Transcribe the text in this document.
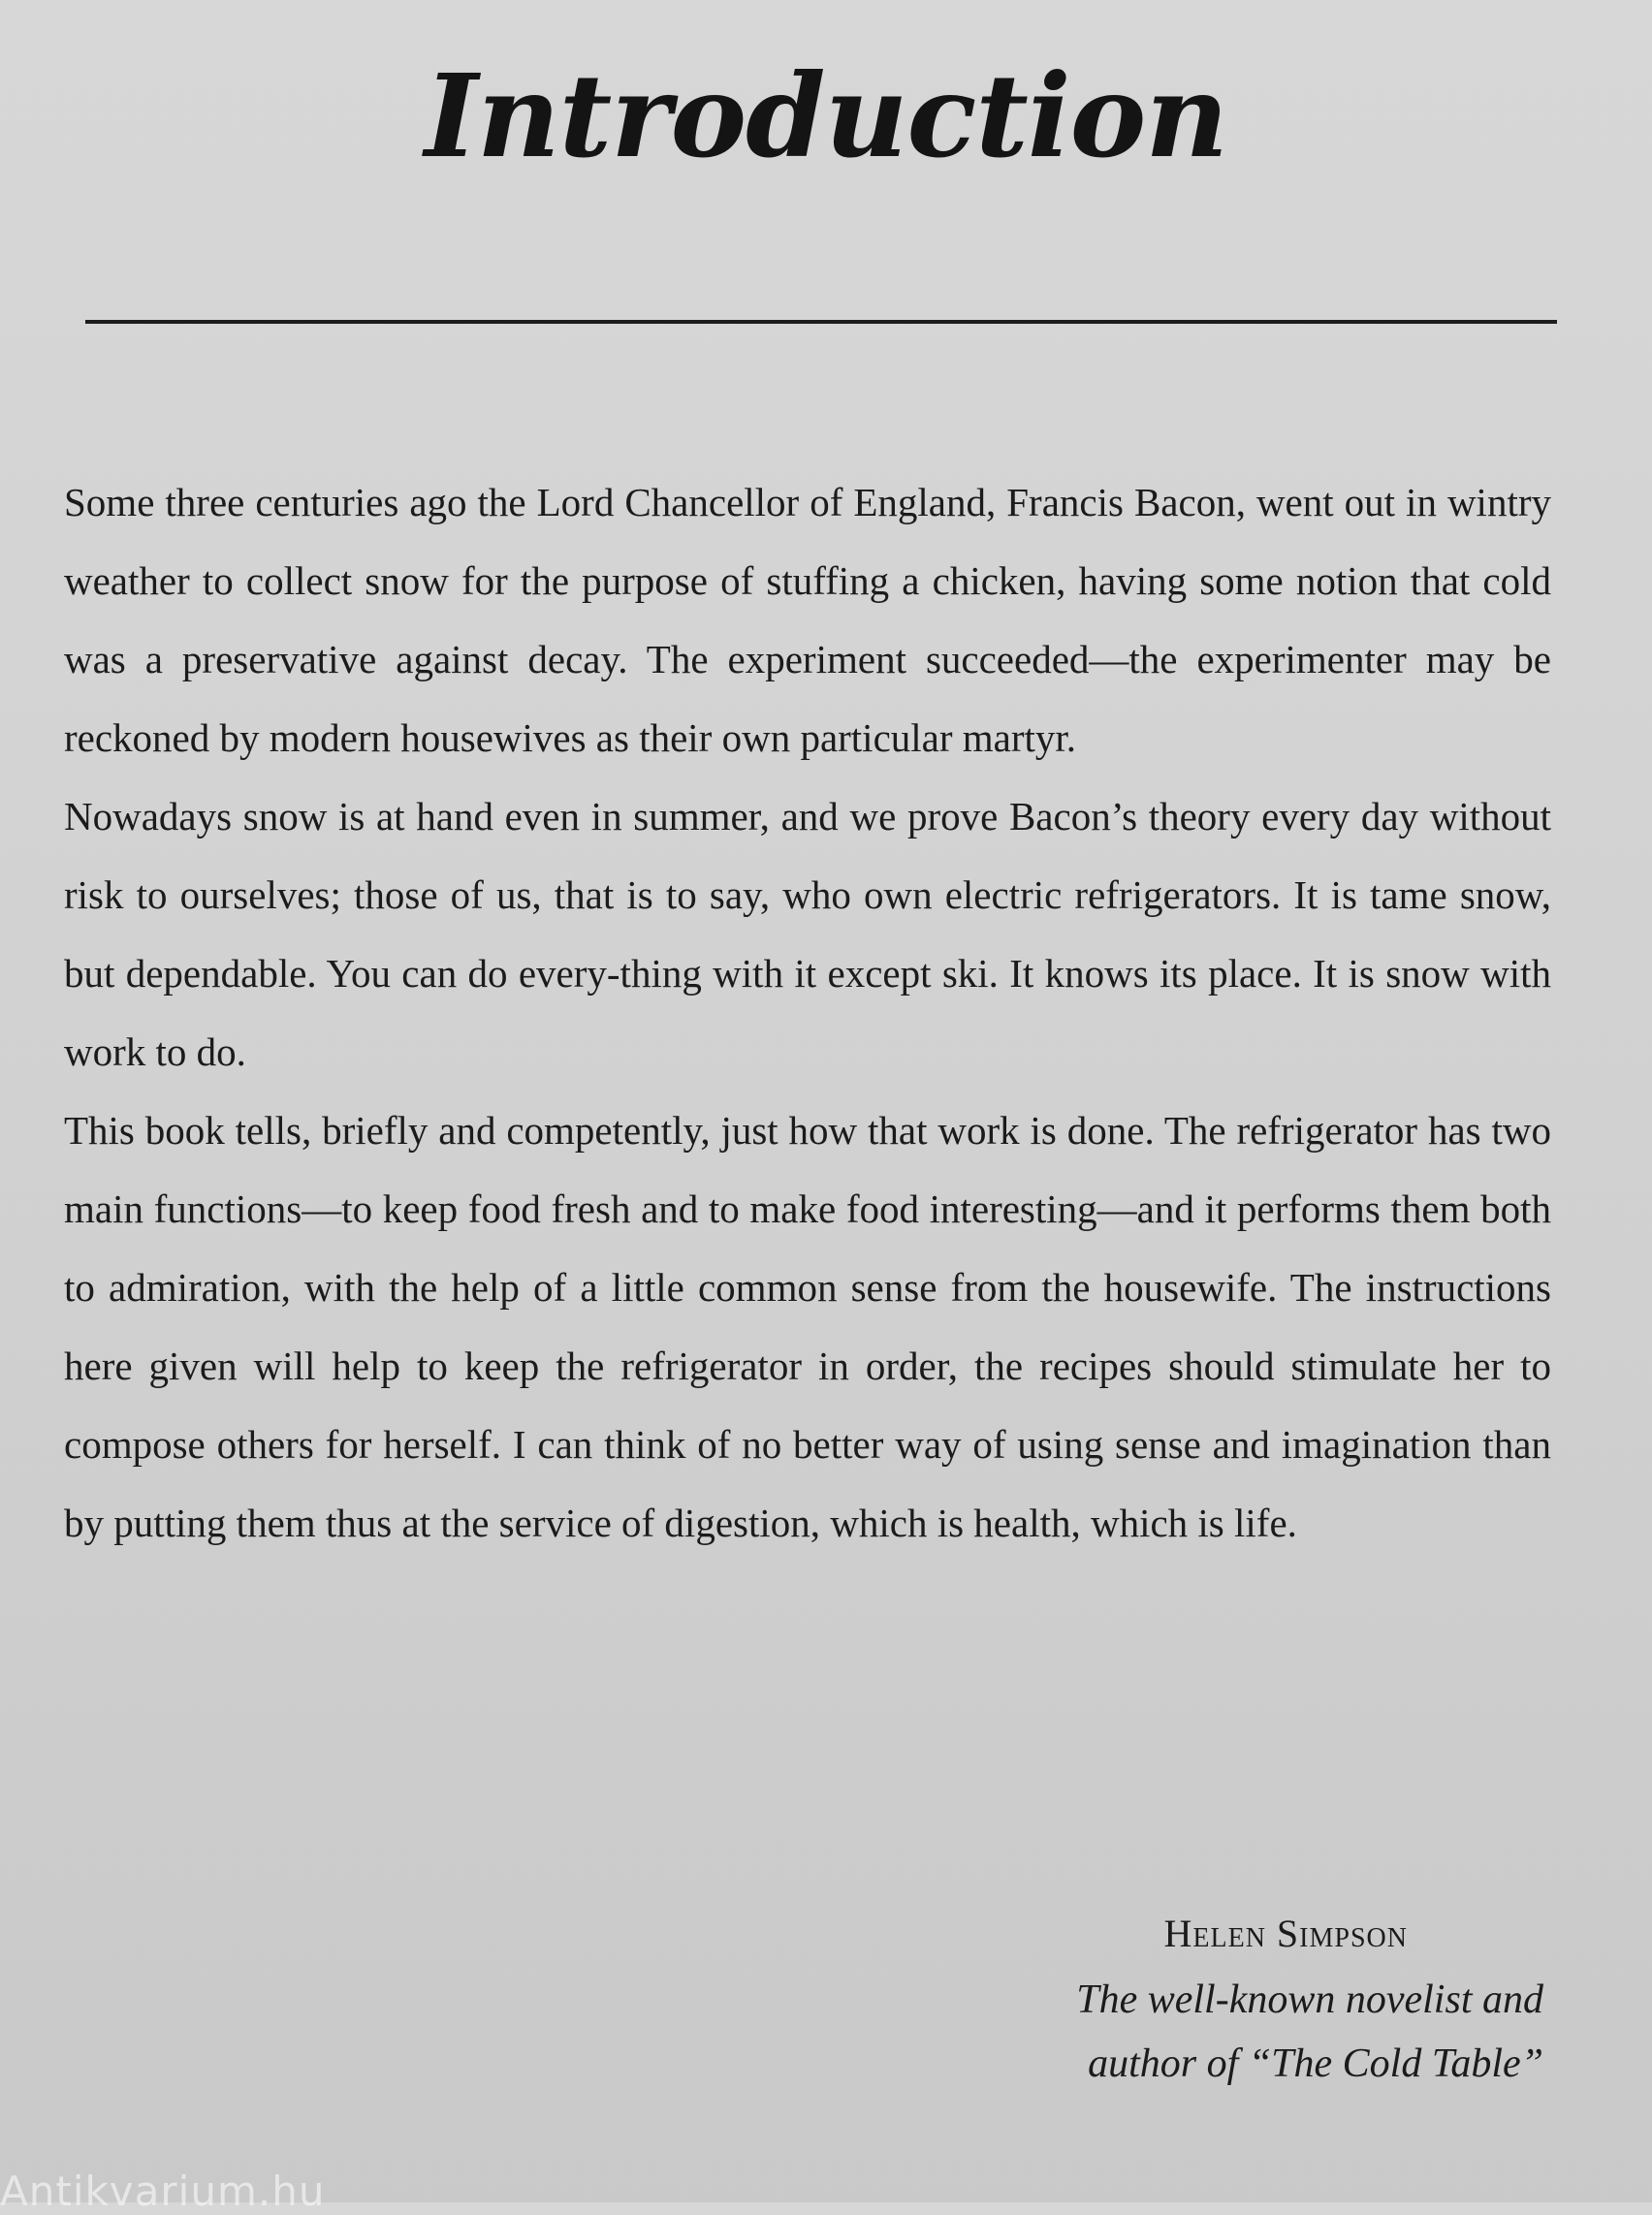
Introduction

Some three centuries ago the Lord Chancellor of England, Francis Bacon, went out in wintry weather to collect snow for the purpose of stuffing a chicken, having some notion that cold was a preservative against decay. The experiment succeeded—the experimenter may be reckoned by modern housewives as their own particular martyr.

Nowadays snow is at hand even in summer, and we prove Bacon’s theory every day without risk to ourselves; those of us, that is to say, who own electric refrigerators. It is tame snow, but dependable. You can do every-thing with it except ski. It knows its place. It is snow with work to do.

This book tells, briefly and competently, just how that work is done. The refrigerator has two main functions—to keep food fresh and to make food interesting—and it performs them both to admiration, with the help of a little common sense from the housewife. The instructions here given will help to keep the refrigerator in order, the recipes should stimulate her to compose others for herself. I can think of no better way of using sense and imagination than by putting them thus at the service of digestion, which is health, which is life.

Helen Simpson
The well-known novelist and
author of “The Cold Table”
Antikvarium.hu
